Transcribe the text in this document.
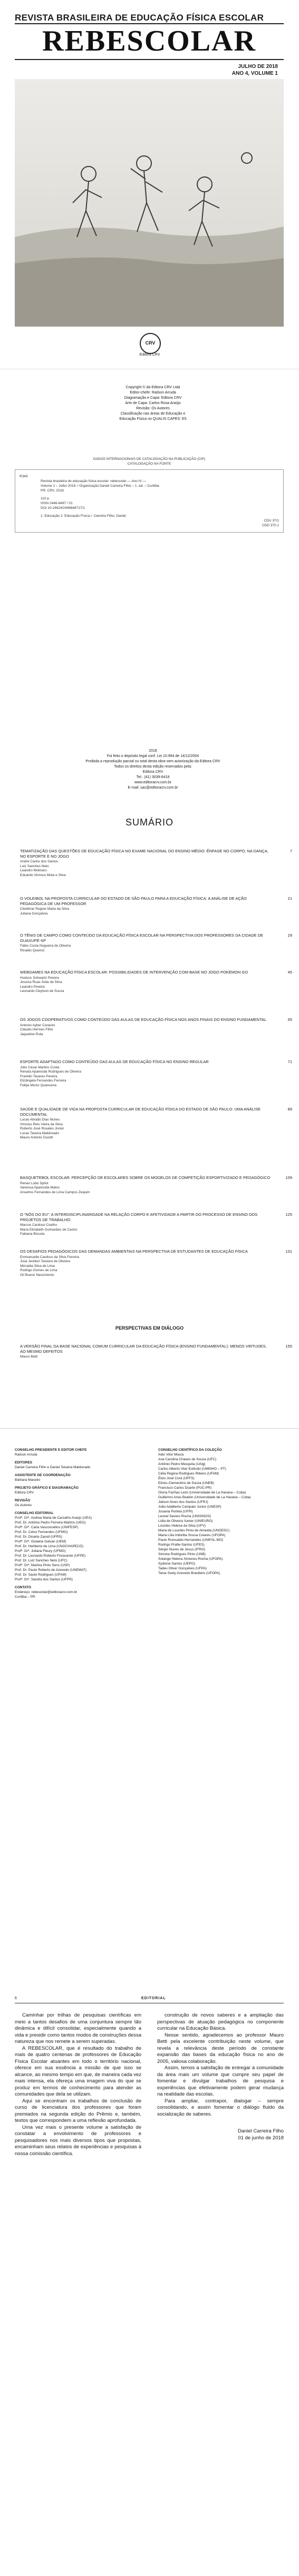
REVISTA BRASILEIRA DE EDUCAÇÃO FÍSICA ESCOLAR
REBESCOLAR
JULHO DE 2018
ANO 4, VOLUME 1
CRV
Editora CRV
Copyright © da Editora CRV Ltda
Editor-chefe: Railson Arruda
Diagramação e Capa: Editora CRV
Arte de Capa: Carlos Rosa Araújo
Revisão: Os Autores
Classificação nas áreas de Educação e
Educação Física no QUALIS CAPES: E5
DADOS INTERNACIONAIS DE CATALOGAÇÃO NA PUBLICAÇÃO (CIP)
CATALOGAÇÃO NA FONTE
R349
Revista brasileira de educação física escolar: rebescolar — Ano IV —
Volume 1 – Julho 2018. / Organização Daniel Carreira Filho – 1. ed. – Curitiba
PR: CRV, 2018.
110 p.
ISSN 2446-8487 / 01
DOI 10.24824/2446848717/1
1. Educação 2. Educação Física I. Carreira Filho, Daniel
CDU 37/1
CDD 370.1
2018
Foi feito o depósito legal conf. Lei 10.994 de 14/12/2004
Proibida a reprodução parcial ou total desta obra sem autorização da Editora CRV
Todos os direitos desta edição reservados pela:
Editora CRV
Tel.: (41) 3039-6418
www.editoracrv.com.br
E-mail: sac@editoracrv.com.br
SUMÁRIO
TEMATIZAÇÃO DAS QUESTÕES DE EDUCAÇÃO FÍSICA NO EXAME NACIONAL DO ENSINO MÉDIO: ÊNFASE NO CORPO, NA DANÇA, NO ESPORTE E NO JOGO
7
André Carlos dos Santos
Luiz Sanches Neto
Leandro Molinaro
Eduardo Vinícius Mota e Silva
O VOLEIBOL NA PROPOSTA CURRICULAR DO ESTADO DE SÃO PAULO PARA A EDUCAÇÃO FÍSICA: A ANÁLISE DE AÇÃO PEDAGÓGICA DE UM PROFESSOR
21
Cleidimar Rejane Maria da Silva
Juliana Gonçalves
O TÊNIS DE CAMPO COMO CONTEÚDO DA EDUCAÇÃO FÍSICA ESCOLAR NA PERSPECTIVA DOS PROFESSORES DA CIDADE DE GUAXUPÉ-SP
29
Fábio Costa Nogueira de Oliveira
Rinaldo Queiroz
WEBGAMES NA EDUCAÇÃO FÍSICA ESCOLAR: POSSIBILIDADES DE INTERVENÇÃO COM BASE NO JOGO POKÉMON GO	45
Hudson Schwartz Pereira
Jessica Ruas Ávila da Silva
Leandro Pereira
Leonardo Cleylson de Souza
OS JOGOS COOPERATIVOS COMO CONTEÚDO DAS AULAS DE EDUCAÇÃO FÍSICA NOS ANOS FINAIS DO ENSINO FUNDAMENTAL	55
Antonio Ayber Caracini
Cláudio Hermes Filho
Jaqueline Ruta
ESPORTE ADAPTADO COMO CONTEÚDO DAS AULAS DE EDUCAÇÃO FÍSICA NO ENSINO REGULAR	71
Júlio César Martins Costa
Renata Aparecida Rodrigues de Oliveira
Franklin Tavares Pereira
Elizângela Fernandes Ferreira
Felipe Muniz Quaresma
SAÚDE E QUALIDADE DE VIDA NA PROPOSTA CURRICULAR DE EDUCAÇÃO FÍSICA DO ESTADO DE SÃO PAULO: UMA ANÁLISE DOCUMENTAL
89
Lucas Abraão Dias Nunes
Vinícius Reis Vieira da Silva
Roberto José Rosales Júnior
Lucas Taveira Maldonado
Mauro Antonio Guiotti
BASQUETEBOL ESCOLAR: PERCEPÇÃO DE ESCOLARES SOBRE OS MODELOS DE COMPETIÇÃO ESPORTIVIZADO E PEDAGÓGICO	109
Renan Lobo Spilot
Vanessa Aparecida Matos
Anselmo Fernandes de Lima Campos Zequim
O “NÓS DO EU”: A INTERDISCIPLINARIDADE NA RELAÇÃO CORPO E AFETIVIDADE A PARTIR DO PROCESSO DE ENSINO DOS PROJETOS DE TRABALHO
125
Marcos Cardoso Coelho
Maria Elizabeth Guimarães de Castro
Fabiana Bissola
OS DESAFIOS PEDAGÓGICOS DAS DEMANDAS AMBIENTAIS NA PERSPECTIVA DE ESTUDANTES DE EDUCAÇÃO FÍSICA	131
Emmanuelle Cardoso da Silva Ferreira
José Jeoilton Teixeira de Oliveira
Mirnalda Silva de Lima
Rodrigo Gomes de Lima
Gil Bueno Nascimento
PERSPECTIVAS EM DIÁLOGO
A VERSÃO FINAL DA BASE NACIONAL COMUM CURRICULAR DA EDUCAÇÃO FÍSICA (ENSINO FUNDAMENTAL): MENOS VIRTUDES, AO MESMO DEFEITOS
155
Mauro Betti
CONSELHO PRESIDENTE E EDITOR CHEFE
Railson Arruda
EDITORES
Daniel Carreira Filho e Daniel Teixeira Maldonado
ASSISTENTE DE COORDENAÇÃO
Bárbara Macedo
PROJETO GRÁFICO E DIAGRAMAÇÃO
Editora CRV
REVISÃO
Os Autores
CONSELHO EDITORIAL
Profª. Drª. Andrea Maria de Carvalho Araújo (UEA)
Prof. Dr. Antônio Pedro Ferreira Martins (UEG)
Profª. Drª. Carla Vasconcellos (UNIFESP)
Prof. Dr. Celso Fernandes (UFMG)
Prof. Dr. Dinarte Zanoll (UFRS)
Profª. Drª. Gislaine Galvan (UEM)
Prof. Dr. Heriberto de Lima (UNOCHAPECÓ)
Profª. Drª. Juliana Fleury (UFMG)
Prof. Dr. Leonardo Roberto Fioravante (UFPE)
Prof. Dr. Luiz Sanches Neto (UFC)
Profª. Drª. Marilza Pinto Sens (USP)
Prof. Dr. Paulo Roberto de Azevedo (UNEMAT)
Prof. Dr. Saulo Rodrigues (UFAM)
Profª. Drª. Sandra dos Santos (UFPR)
CONTATO
Endereço: rebescolar@editoracrv.com.br
Curitiba – PR
CONSELHO CIENTÍFICO DA COLEÇÃO
Aldo Vitor Moura
Ana Carolina Chaves de Souza (UFC)
Antônio Pedro Mesquita (UAlg)
Carlos Alberto Vilar Estêvão (UMINHO – PT)
Célia Regina Rodrigues Ribeiro (UFAM)
Élsio José Corá (UFFS)
Elizeu Clementino de Souza (UNEB)
Francisco Carlos Duarte (PUC-PR)
Gloria Fariñas León (Universidade de La Havana – Cuba)
Guillermo Arias Beatón (Universidade de La Havana – Cuba)
Jailson Alves dos Santos (UFRJ)
João Adalberto Campato Junior (UNESP)
Josania Portela (UFPI)
Leonel Severo Rocha (UNISINOS)
Lídia de Oliveira Xavier (UNIEURO)
Lourdes Helena da Silva (UFV)
Maria de Lourdes Pinto de Almeida (UNOESC)
Maria Lília Imbiriba Sousa Colares (UFOPA)
Paulo Romualdo Hernandes (UNIFAL-MG)
Rodrigo Pratte-Santos (UFES)
Sérgio Nunes de Jesus (IFRO)
Simone Rodrigues Pinto (UNB)
Solange Helena Ximenes-Rocha (UFOPA)
Sydione Santos (UEPG)
Tadeu Oliver Gonçalves (UFPA)
Tania Suely Azevedo Brasileiro (UFOPA)
6	EDITORIAL

Caminhar por trilhas de pesquisas científicas em meio a tantos desafios de uma conjuntura sempre tão dinâmica e difícil consolidar, especialmente quando a vida e presidir como tantos modos de construções dessa natureza que nos remete a serem superadas.

A REBESCOLAR, que é resultado do trabalho de mais de quatro centenas de professores de Educação Física Escolar atuantes em todo o território nacional, oferece em sua essência a missão de que isso se alcance, ao mesmo tempo em que, de maneira cada vez mais intensa, ela ofereça uma imagem viva do que se produz em termos de conhecimento para atender as comunidades que dela se utilizam.

Aqui se encontram os trabalhos de conclusão de curso de licenciatura dos professores que foram premiados na segunda edição do Prêmio e, também, textos que correspondem a uma reflexão aprofundada.

Uma vez mais o presente volume a satisfação de constatar a envolvimento de professores e pesquisadores nos mais diversos tipos que propostas, encaminham seus relatos de experiências e pesquisas à nossa comissão científica.

construção de novos saberes e a ampliação das perspectivas de atuação pedagógica no componente curricular na Educação Básica.

Nesse sentido, agradecemos ao professor Mauro Betti pela excelente contribuição neste volume, que revela a relevância deste período de constante expansão das bases da educação física no ano de 2005, valiosa colaboração.

Assim, temos a satisfação de entregar à comunidade da área mais um volume que cumpre seu papel de fomentar e divulgar trabalhos de pesquisa e experiências que efetivamente podem gerar mudança na realidade das escolas.

Para ampliar, contrapor, dialogar – sempre consolidando, e assim fomentar o diálogo fluido da socialização de saberes.

Daniel Carreira Filho
01 de junho de 2018
